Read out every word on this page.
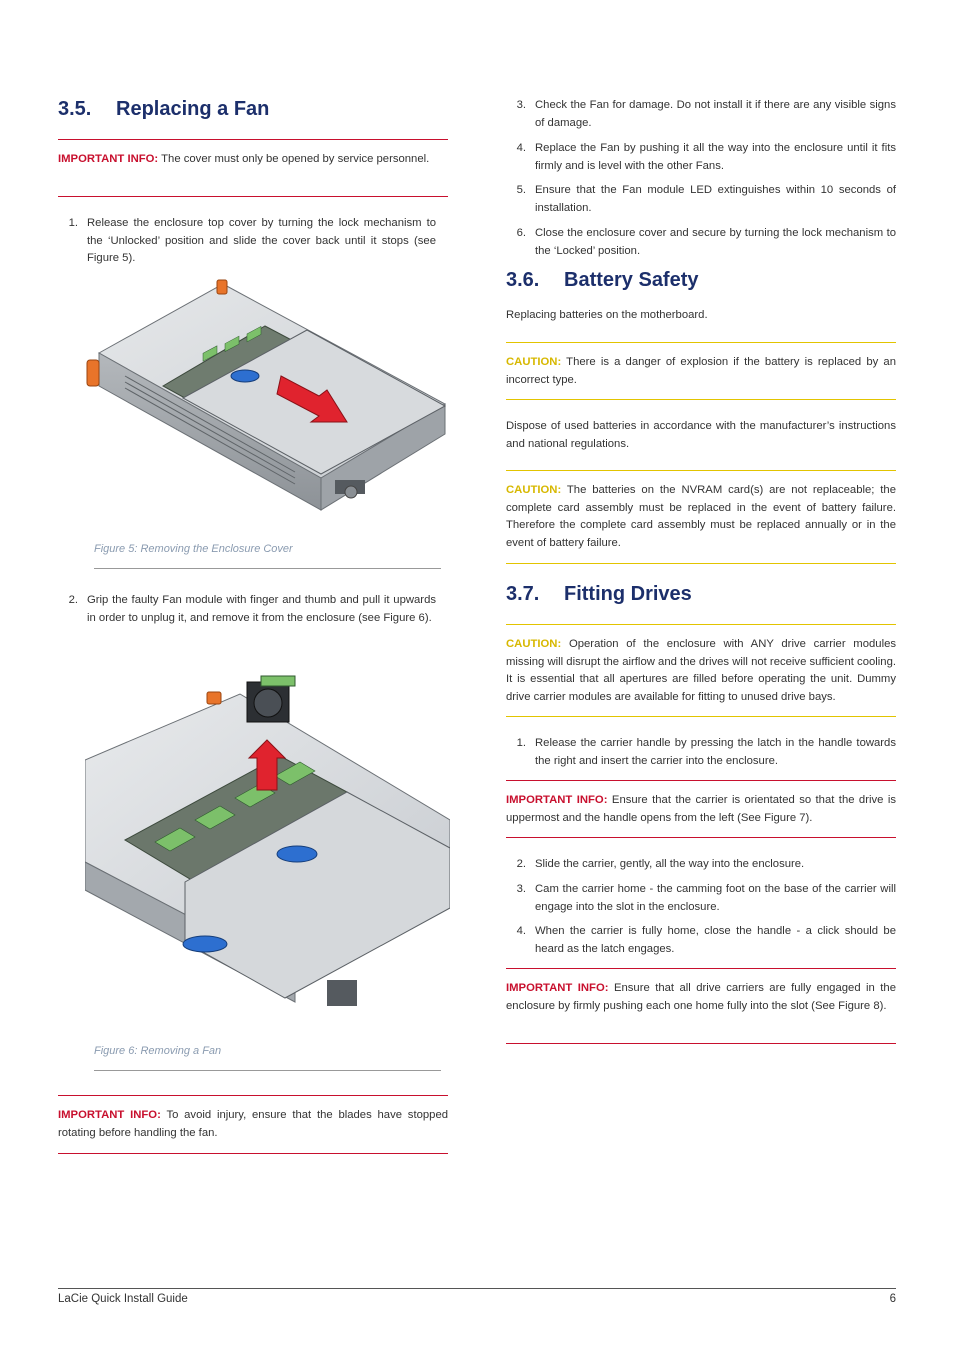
3.5. Replacing a Fan
IMPORTANT INFO: The cover must only be opened by service personnel.
1. Release the enclosure top cover by turning the lock mechanism to the ‘Unlocked’ position and slide the cover back until it stops (see Figure 5).
Figure 5: Removing the Enclosure Cover
2. Grip the faulty Fan module with finger and thumb and pull it upwards in order to unplug it, and remove it from the enclosure (see Figure 6).
Figure 6: Removing a Fan
IMPORTANT INFO: To avoid injury, ensure that the blades have stopped rotating before handling the fan.
3. Check the Fan for damage. Do not install it if there are any visible signs of damage.
4. Replace the Fan by pushing it all the way into the enclosure until it fits firmly and is level with the other Fans.
5. Ensure that the Fan module LED extinguishes within 10 seconds of installation.
6. Close the enclosure cover and secure by turning the lock mechanism to the ‘Locked’ position.
3.6. Battery Safety
Replacing batteries on the motherboard.
CAUTION: There is a danger of explosion if the battery is replaced by an incorrect type.
Dispose of used batteries in accordance with the manufacturer’s instructions and national regulations.
CAUTION: The batteries on the NVRAM card(s) are not replaceable; the complete card assembly must be replaced in the event of battery failure. Therefore the complete card assembly must be replaced annually or in the event of battery failure.
3.7. Fitting Drives
CAUTION: Operation of the enclosure with ANY drive carrier modules missing will disrupt the airflow and the drives will not receive sufficient cooling. It is essential that all apertures are filled before operating the unit. Dummy drive carrier modules are available for fitting to unused drive bays.
1. Release the carrier handle by pressing the latch in the handle towards the right and insert the carrier into the enclosure.
IMPORTANT INFO: Ensure that the carrier is orientated so that the drive is uppermost and the handle opens from the left (See Figure 7).
2. Slide the carrier, gently, all the way into the enclosure.
3. Cam the carrier home - the camming foot on the base of the carrier will engage into the slot in the enclosure.
4. When the carrier is fully home, close the handle - a click should be heard as the latch engages.
IMPORTANT INFO: Ensure that all drive carriers are fully engaged in the enclosure by firmly pushing each one home fully into the slot (See Figure 8).
LaCie Quick Install Guide	6
